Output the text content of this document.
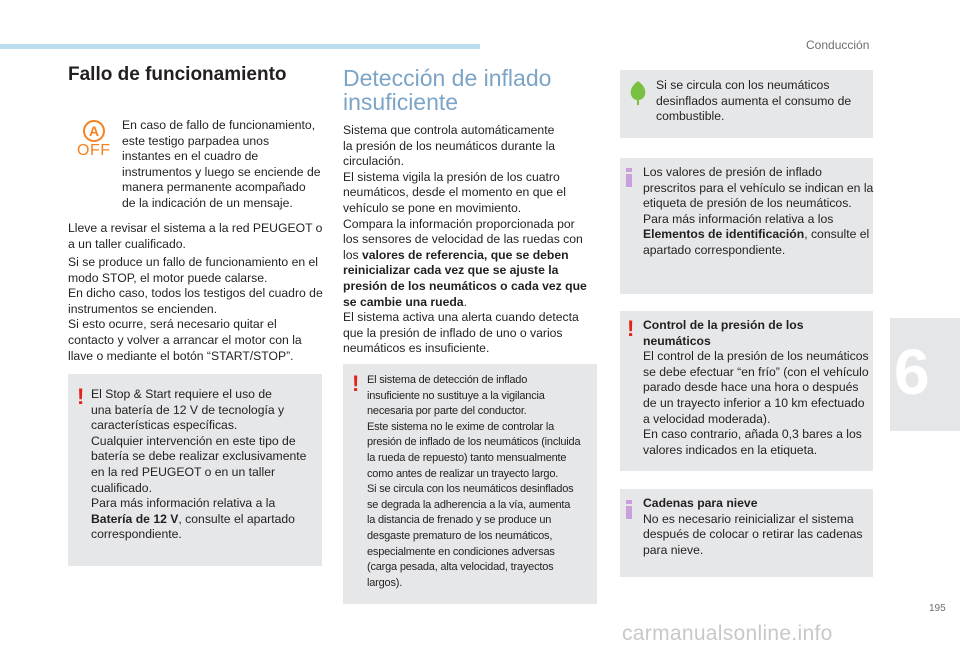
Conducción
6
195
Fallo de funcionamiento
A
OFF
En caso de fallo de funcionamiento,
este testigo parpadea unos
instantes en el cuadro de
instrumentos y luego se enciende de
manera permanente acompañado
de la indicación de un mensaje.
Lleve a revisar el sistema a la red PEUGEOT o
a un taller cualificado.
Si se produce un fallo de funcionamiento en el
modo STOP, el motor puede calarse.
En dicho caso, todos los testigos del cuadro de
instrumentos se encienden.
Si esto ocurre, será necesario quitar el
contacto y volver a arrancar el motor con la
llave o mediante el botón “START/STOP”.
! El Stop & Start requiere el uso de
una batería de 12 V de tecnología y
características específicas.
Cualquier intervención en este tipo de
batería se debe realizar exclusivamente
en la red PEUGEOT o en un taller
cualificado.
Para más información relativa a la
Batería de 12 V, consulte el apartado
correspondiente.
Detección de inflado
insuficiente
Sistema que controla automáticamente
la presión de los neumáticos durante la
circulación.
El sistema vigila la presión de los cuatro
neumáticos, desde el momento en que el
vehículo se pone en movimiento.
Compara la información proporcionada por
los sensores de velocidad de las ruedas con
los valores de referencia, que se deben
reinicializar cada vez que se ajuste la
presión de los neumáticos o cada vez que
se cambie una rueda.
El sistema activa una alerta cuando detecta
que la presión de inflado de uno o varios
neumáticos es insuficiente.
! El sistema de detección de inflado
insuficiente no sustituye a la vigilancia
necesaria por parte del conductor.
Este sistema no le exime de controlar la
presión de inflado de los neumáticos (incluida
la rueda de repuesto) tanto mensualmente
como antes de realizar un trayecto largo.
Si se circula con los neumáticos desinflados
se degrada la adherencia a la vía, aumenta
la distancia de frenado y se produce un
desgaste prematuro de los neumáticos,
especialmente en condiciones adversas
(carga pesada, alta velocidad, trayectos
largos).
Si se circula con los neumáticos
desinflados aumenta el consumo de
combustible.
Los valores de presión de inflado
prescritos para el vehículo se indican en la
etiqueta de presión de los neumáticos.
Para más información relativa a los
Elementos de identificación, consulte el
apartado correspondiente.
! Control de la presión de los
neumáticos
El control de la presión de los neumáticos
se debe efectuar “en frío” (con el vehículo
parado desde hace una hora o después
de un trayecto inferior a 10 km efectuado
a velocidad moderada).
En caso contrario, añada 0,3 bares a los
valores indicados en la etiqueta.
Cadenas para nieve
No es necesario reinicializar el sistema
después de colocar o retirar las cadenas
para nieve.
carmanualsonline.info
